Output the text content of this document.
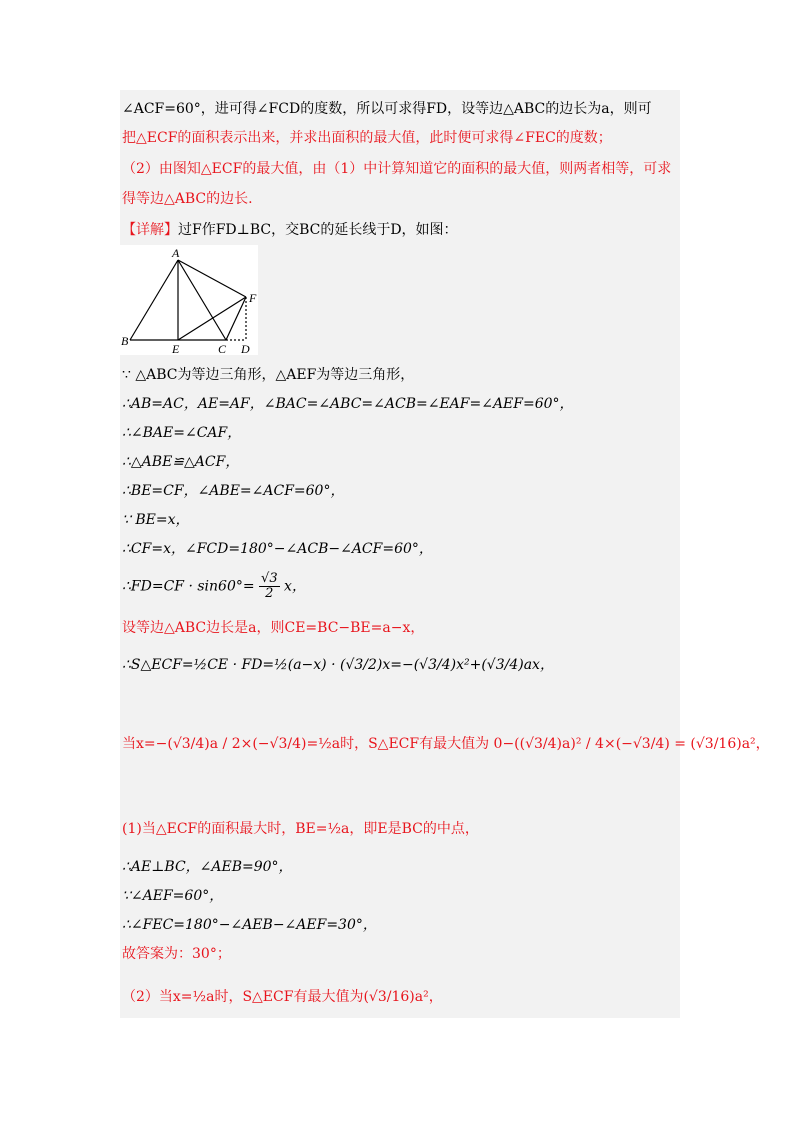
∠ACF=60°，进可得∠FCD的度数，所以可求得FD，设等边△ABC的边长为a，则可
把△ECF的面积表示出来，并求出面积的最大值，此时便可求得∠FEC的度数；
（2）由图知△ECF的最大值，由（1）中计算知道它的面积的最大值，则两者相等，可求
得等边△ABC的边长.
【详解】过F作FD⊥BC，交BC的延长线于D，如图：
A
B
E	C D
F
∵ △ABC为等边三角形，△AEF为等边三角形，
∴AB=AC，AE=AF，∠BAC=∠ABC=∠ACB=∠EAF=∠AEF=60°，
∴∠BAE=∠CAF，
∴△ABE≌△ACF，
∴BE=CF，∠ABE=∠ACF=60°，
∵ BE=x，
∴CF=x，∠FCD=180°−∠ACB−∠ACF=60°，
∴FD=CF · $\sin 60^\circ= \frac{√3}{2}$ x，
设等边△ABC边长是a，则CE=BC−BE=a−x，
∴S△ECF=½CE · FD=½(a−x) · (√3/2)x=−(√3/4)x²+(√3/4)ax，
当x=−(√3/4)a / 2×(−√3/4)=½a时，S△ECF有最大值为 0−((√3/4)a)² / 4×(−√3/4) = (√3/16)a²，
(1)当△ECF的面积最大时，BE=½a，即E是BC的中点，
∴AE⊥BC，∠AEB=90°，
∵∠AEF=60°，
∴∠FEC=180°−∠AEB−∠AEF=30°，
故答案为：30°；
（2）当x=½a时，S△ECF有最大值为(√3/16)a²，
